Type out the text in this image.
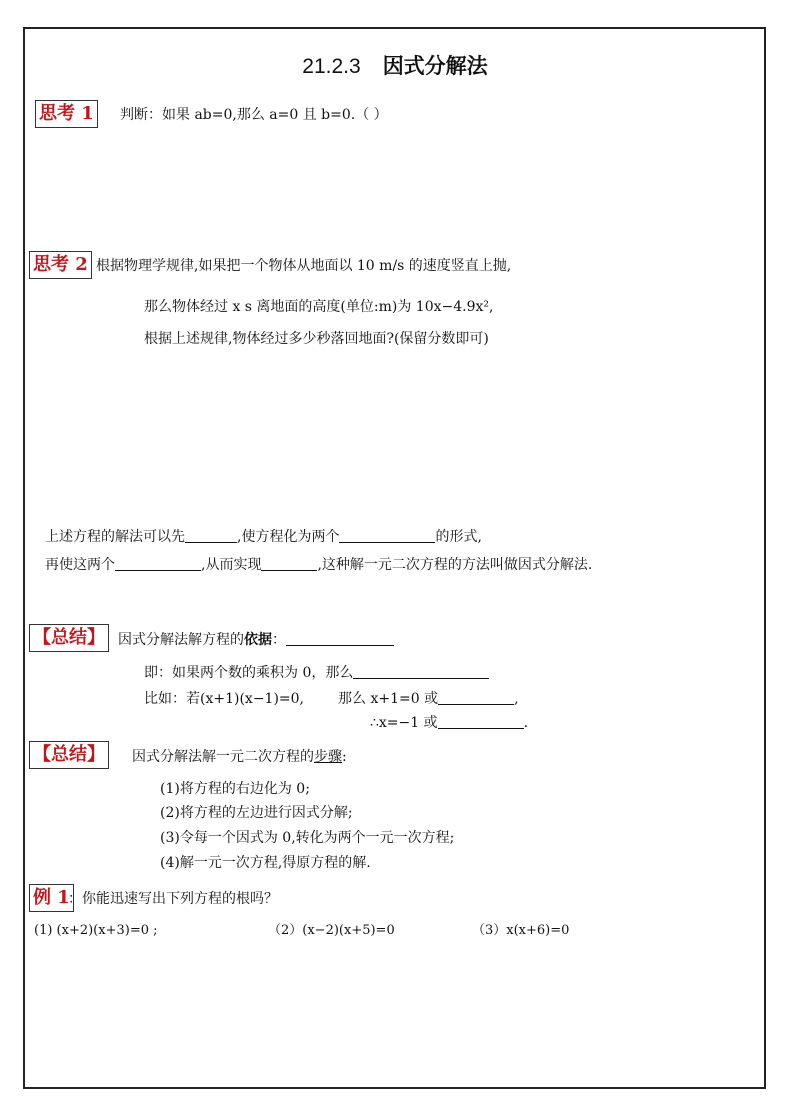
21.2.3 因式分解法
思考 1 判断：如果 ab=0,那么 a=0 且 b=0.（ ）
思考 2 根据物理学规律,如果把一个物体从地面以 10 m/s 的速度竖直上抛,
那么物体经过 x s 离地面的高度(单位:m)为 10x−4.9x²,
根据上述规律,物体经过多少秒落回地面?(保留分数即可)
上述方程的解法可以先	,使方程化为两个	的形式,
再使这两个	,从而实现	,这种解一元二次方程的方法叫做因式分解法.
【总结】 因式分解法解方程的依据：
即：如果两个数的乘积为 0，那么
比如：若(x+1)(x−1)=0, 那么 x+1=0 或	,
∴x=−1 或	.
【总结】 因式分解法解一元二次方程的步骤:
(1)将方程的右边化为 0;
(2)将方程的左边进行因式分解;
(3)令每一个因式为 0,转化为两个一元一次方程;
(4)解一元一次方程,得原方程的解.
例 1
：你能迅速写出下列方程的根吗？
(1) (x+2)(x+3)=0 ;	（2）(x−2)(x+5)=0	（3）x(x+6)=0
